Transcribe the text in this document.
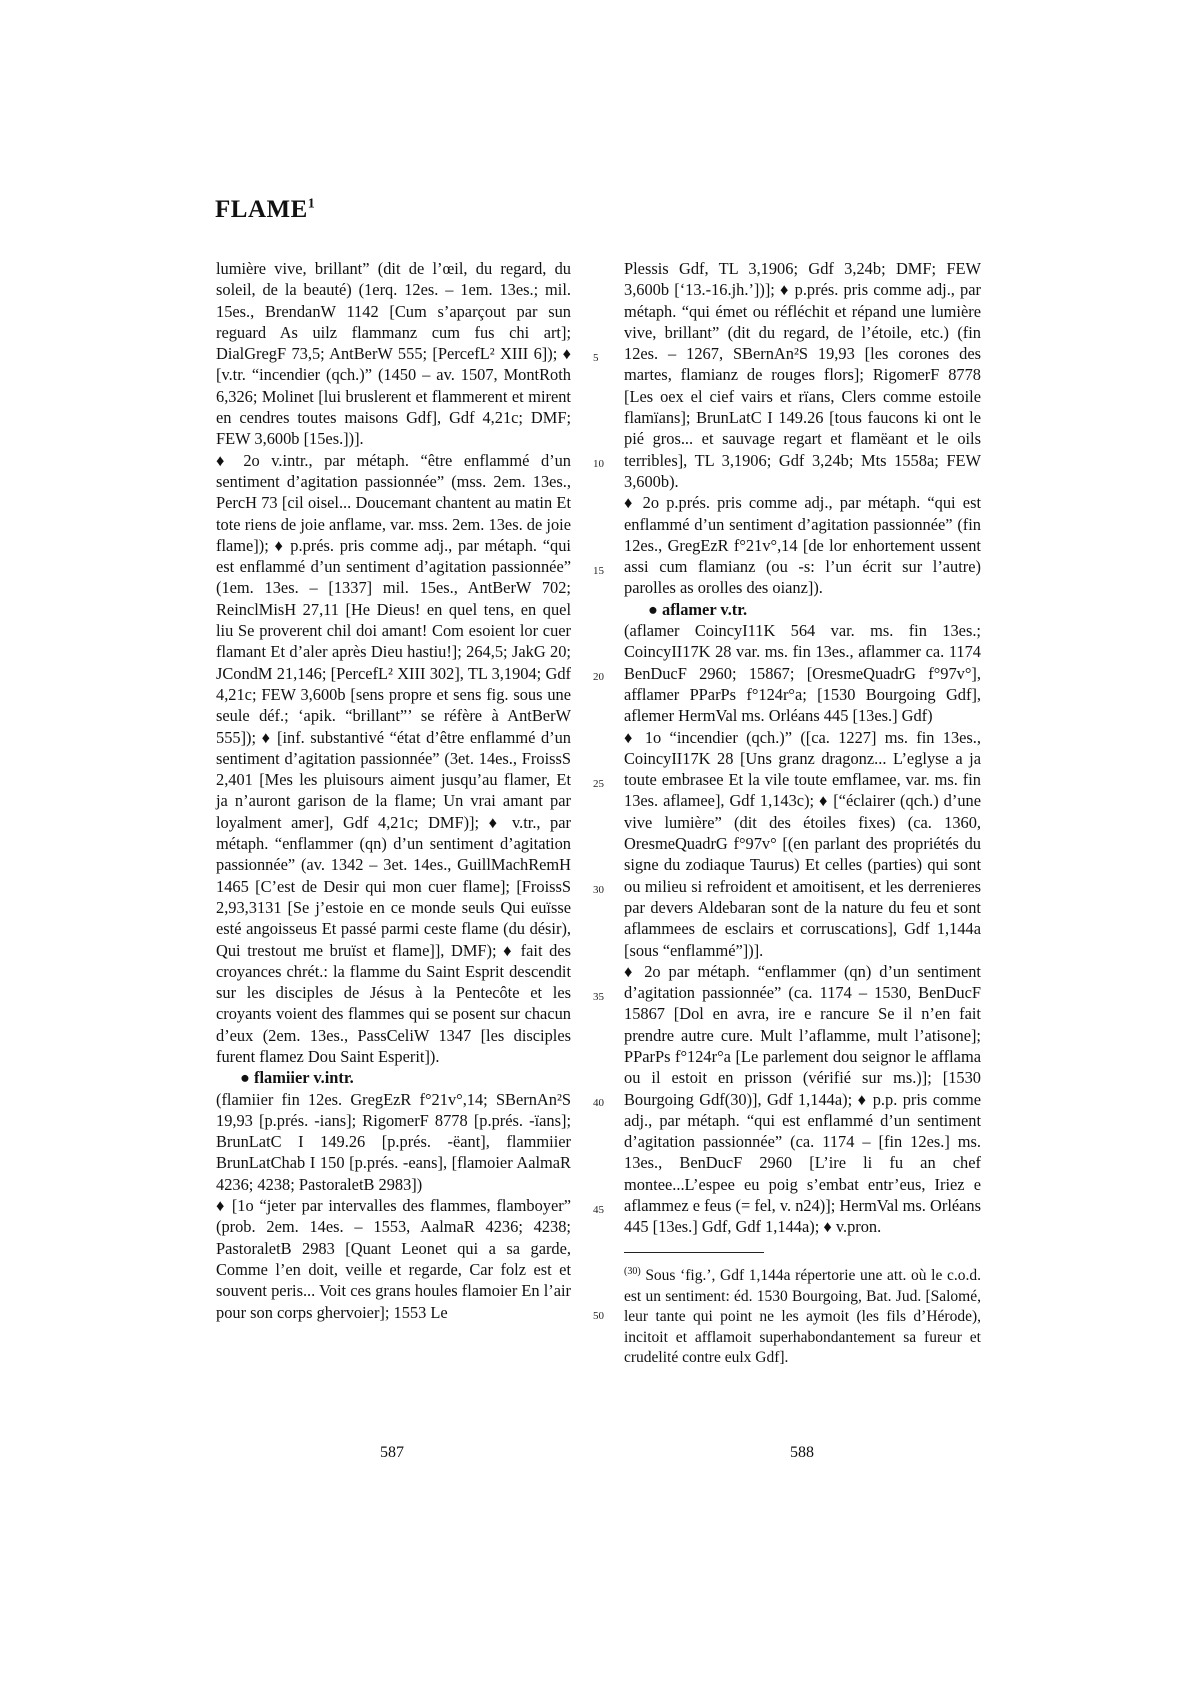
FLAME$^1$

lumière vive, brillant” (dit de l’œil, du regard, du soleil, de la beauté) (1erq. 12es. – 1em. 13es.; mil. 15es., BrendanW 1142 [Cum s’aparçout par sun reguard As uilz flammanz cum fus chi art]; DialGregF 73,5; AntBerW 555; [PercefL² XIII 6]); ♦ [v.tr. “incendier (qch.)” (1450 – av. 1507, MontRoth 6,326; Molinet [lui bruslerent et flammerent et mirent en cendres toutes maisons Gdf], Gdf 4,21c; DMF; FEW 3,600b [15es.])].

♦ 2o v.intr., par métaph. “être enflammé d’un sentiment d’agitation passionnée” (mss. 2em. 13es., PercH 73 [cil oisel... Doucemant chantent au matin Et tote riens de joie anflame, var. mss. 2em. 13es. de joie flame]); ♦ p.prés. pris comme adj., par métaph. “qui est enflammé d’un sentiment d’agitation passionnée” (1em. 13es. – [1337] mil. 15es., AntBerW 702; ReinclMisH 27,11 [He Dieus! en quel tens, en quel liu Se proverent chil doi amant! Com esoient lor cuer flamant Et d’aler après Dieu hastiu!]; 264,5; JakG 20; JCondM 21,146; [PercefL² XIII 302], TL 3,1904; Gdf 4,21c; FEW 3,600b [sens propre et sens fig. sous une seule déf.; ‘apik. “brillant”’ se réfère à AntBerW 555]); ♦ [inf. substantivé “état d’être enflammé d’un sentiment d’agitation passionnée” (3et. 14es., FroissS 2,401 [Mes les pluisours aiment jusqu’au flamer, Et ja n’auront garison de la flame; Un vrai amant par loyalment amer], Gdf 4,21c; DMF)]; ♦ v.tr., par métaph. “enflammer (qn) d’un sentiment d’agitation passionnée” (av. 1342 – 3et. 14es., GuillMachRemH 1465 [C’est de Desir qui mon cuer flame]; [FroissS 2,93,3131 [Se j’estoie en ce monde seuls Qui euïsse esté angoisseus Et passé parmi ceste flame (du désir), Qui trestout me bruïst et flame]], DMF); ♦ fait des croyances chrét.: la flamme du Saint Esprit descendit sur les disciples de Jésus à la Pentecôte et les croyants voient des flammes qui se posent sur chacun d’eux (2em. 13es., PassCeliW 1347 [les disciples furent flamez Dou Saint Esperit]).

● flamiier v.intr.

(flamiier fin 12es. GregEzR f°21v°,14; SBernAn²S 19,93 [p.prés. -ians]; RigomerF 8778 [p.prés. -ïans]; BrunLatC I 149.26 [p.prés. -ëant], flammiier BrunLatChab I 150 [p.prés. -eans], [flamoier AalmaR 4236; 4238; PastoraletB 2983])

♦ [1o “jeter par intervalles des flammes, flamboyer” (prob. 2em. 14es. – 1553, AalmaR 4236; 4238; PastoraletB 2983 [Quant Leonet qui a sa garde, Comme l’en doit, veille et regarde, Car folz est et souvent peris... Voit ces grans houles flamoier En l’air pour son corps ghervoier]; 1553 Le

5
10
15
20
25
30
35
40
45
50

Plessis Gdf, TL 3,1906; Gdf 3,24b; DMF; FEW 3,600b [‘13.-16.jh.’])]; ♦ p.prés. pris comme adj., par métaph. “qui émet ou réfléchit et répand une lumière vive, brillant” (dit du regard, de l’étoile, etc.) (fin 12es. – 1267, SBernAn²S 19,93 [les corones des martes, flamianz de rouges flors]; RigomerF 8778 [Les oex el cief vairs et rïans, Clers comme estoile flamïans]; BrunLatC I 149.26 [tous faucons ki ont le pié gros... et sauvage regart et flamëant et le oils terribles], TL 3,1906; Gdf 3,24b; Mts 1558a; FEW 3,600b).

♦ 2o p.prés. pris comme adj., par métaph. “qui est enflammé d’un sentiment d’agitation passionnée” (fin 12es., GregEzR f°21v°,14 [de lor enhortement ussent assi cum flamianz (ou -s: l’un écrit sur l’autre) parolles as orolles des oianz]).

● aflamer v.tr.

(aflamer CoincyI11K 564 var. ms. fin 13es.; CoincyII17K 28 var. ms. fin 13es., aflammer ca. 1174 BenDucF 2960; 15867; [OresmeQuadrG f°97v°], afflamer PParPs f°124r°a; [1530 Bourgoing Gdf], aflemer HermVal ms. Orléans 445 [13es.] Gdf)

♦ 1o “incendier (qch.)” ([ca. 1227] ms. fin 13es., CoincyII17K 28 [Uns granz dragonz... L’eglyse a ja toute embrasee Et la vile toute emflamee, var. ms. fin 13es. aflamee], Gdf 1,143c); ♦ [“éclairer (qch.) d’une vive lumière” (dit des étoiles fixes) (ca. 1360, OresmeQuadrG f°97v° [(en parlant des propriétés du signe du zodiaque Taurus) Et celles (parties) qui sont ou milieu si refroident et amoitisent, et les derrenieres par devers Aldebaran sont de la nature du feu et sont aflammees de esclairs et corruscations], Gdf 1,144a [sous “enflammé”])].

♦ 2o par métaph. “enflammer (qn) d’un sentiment d’agitation passionnée” (ca. 1174 – 1530, BenDucF 15867 [Dol en avra, ire e rancure Se il n’en fait prendre autre cure. Mult l’aflamme, mult l’atisone]; PParPs f°124r°a [Le parlement dou seignor le afflama ou il estoit en prisson (vérifié sur ms.)]; [1530 Bourgoing Gdf(30)], Gdf 1,144a); ♦ p.p. pris comme adj., par métaph. “qui est enflammé d’un sentiment d’agitation passionnée” (ca. 1174 – [fin 12es.] ms. 13es., BenDucF 2960 [L’ire li fu an chef montee...L’espee eu poig s’embat entr’eus, Iriez e aflammez e feus (= fel, v. n24)]; HermVal ms. Orléans 445 [13es.] Gdf, Gdf 1,144a); ♦ v.pron.

$^{(30)}$ Sous ‘fig.’, Gdf 1,144a répertorie une att. où le c.o.d. est un sentiment: éd. 1530 Bourgoing, Bat. Jud. [Salomé, leur tante qui point ne les aymoit (les fils d’Hérode), incitoit et afflamoit superhabondantement sa fureur et crudelité contre eulx Gdf].
587	588
